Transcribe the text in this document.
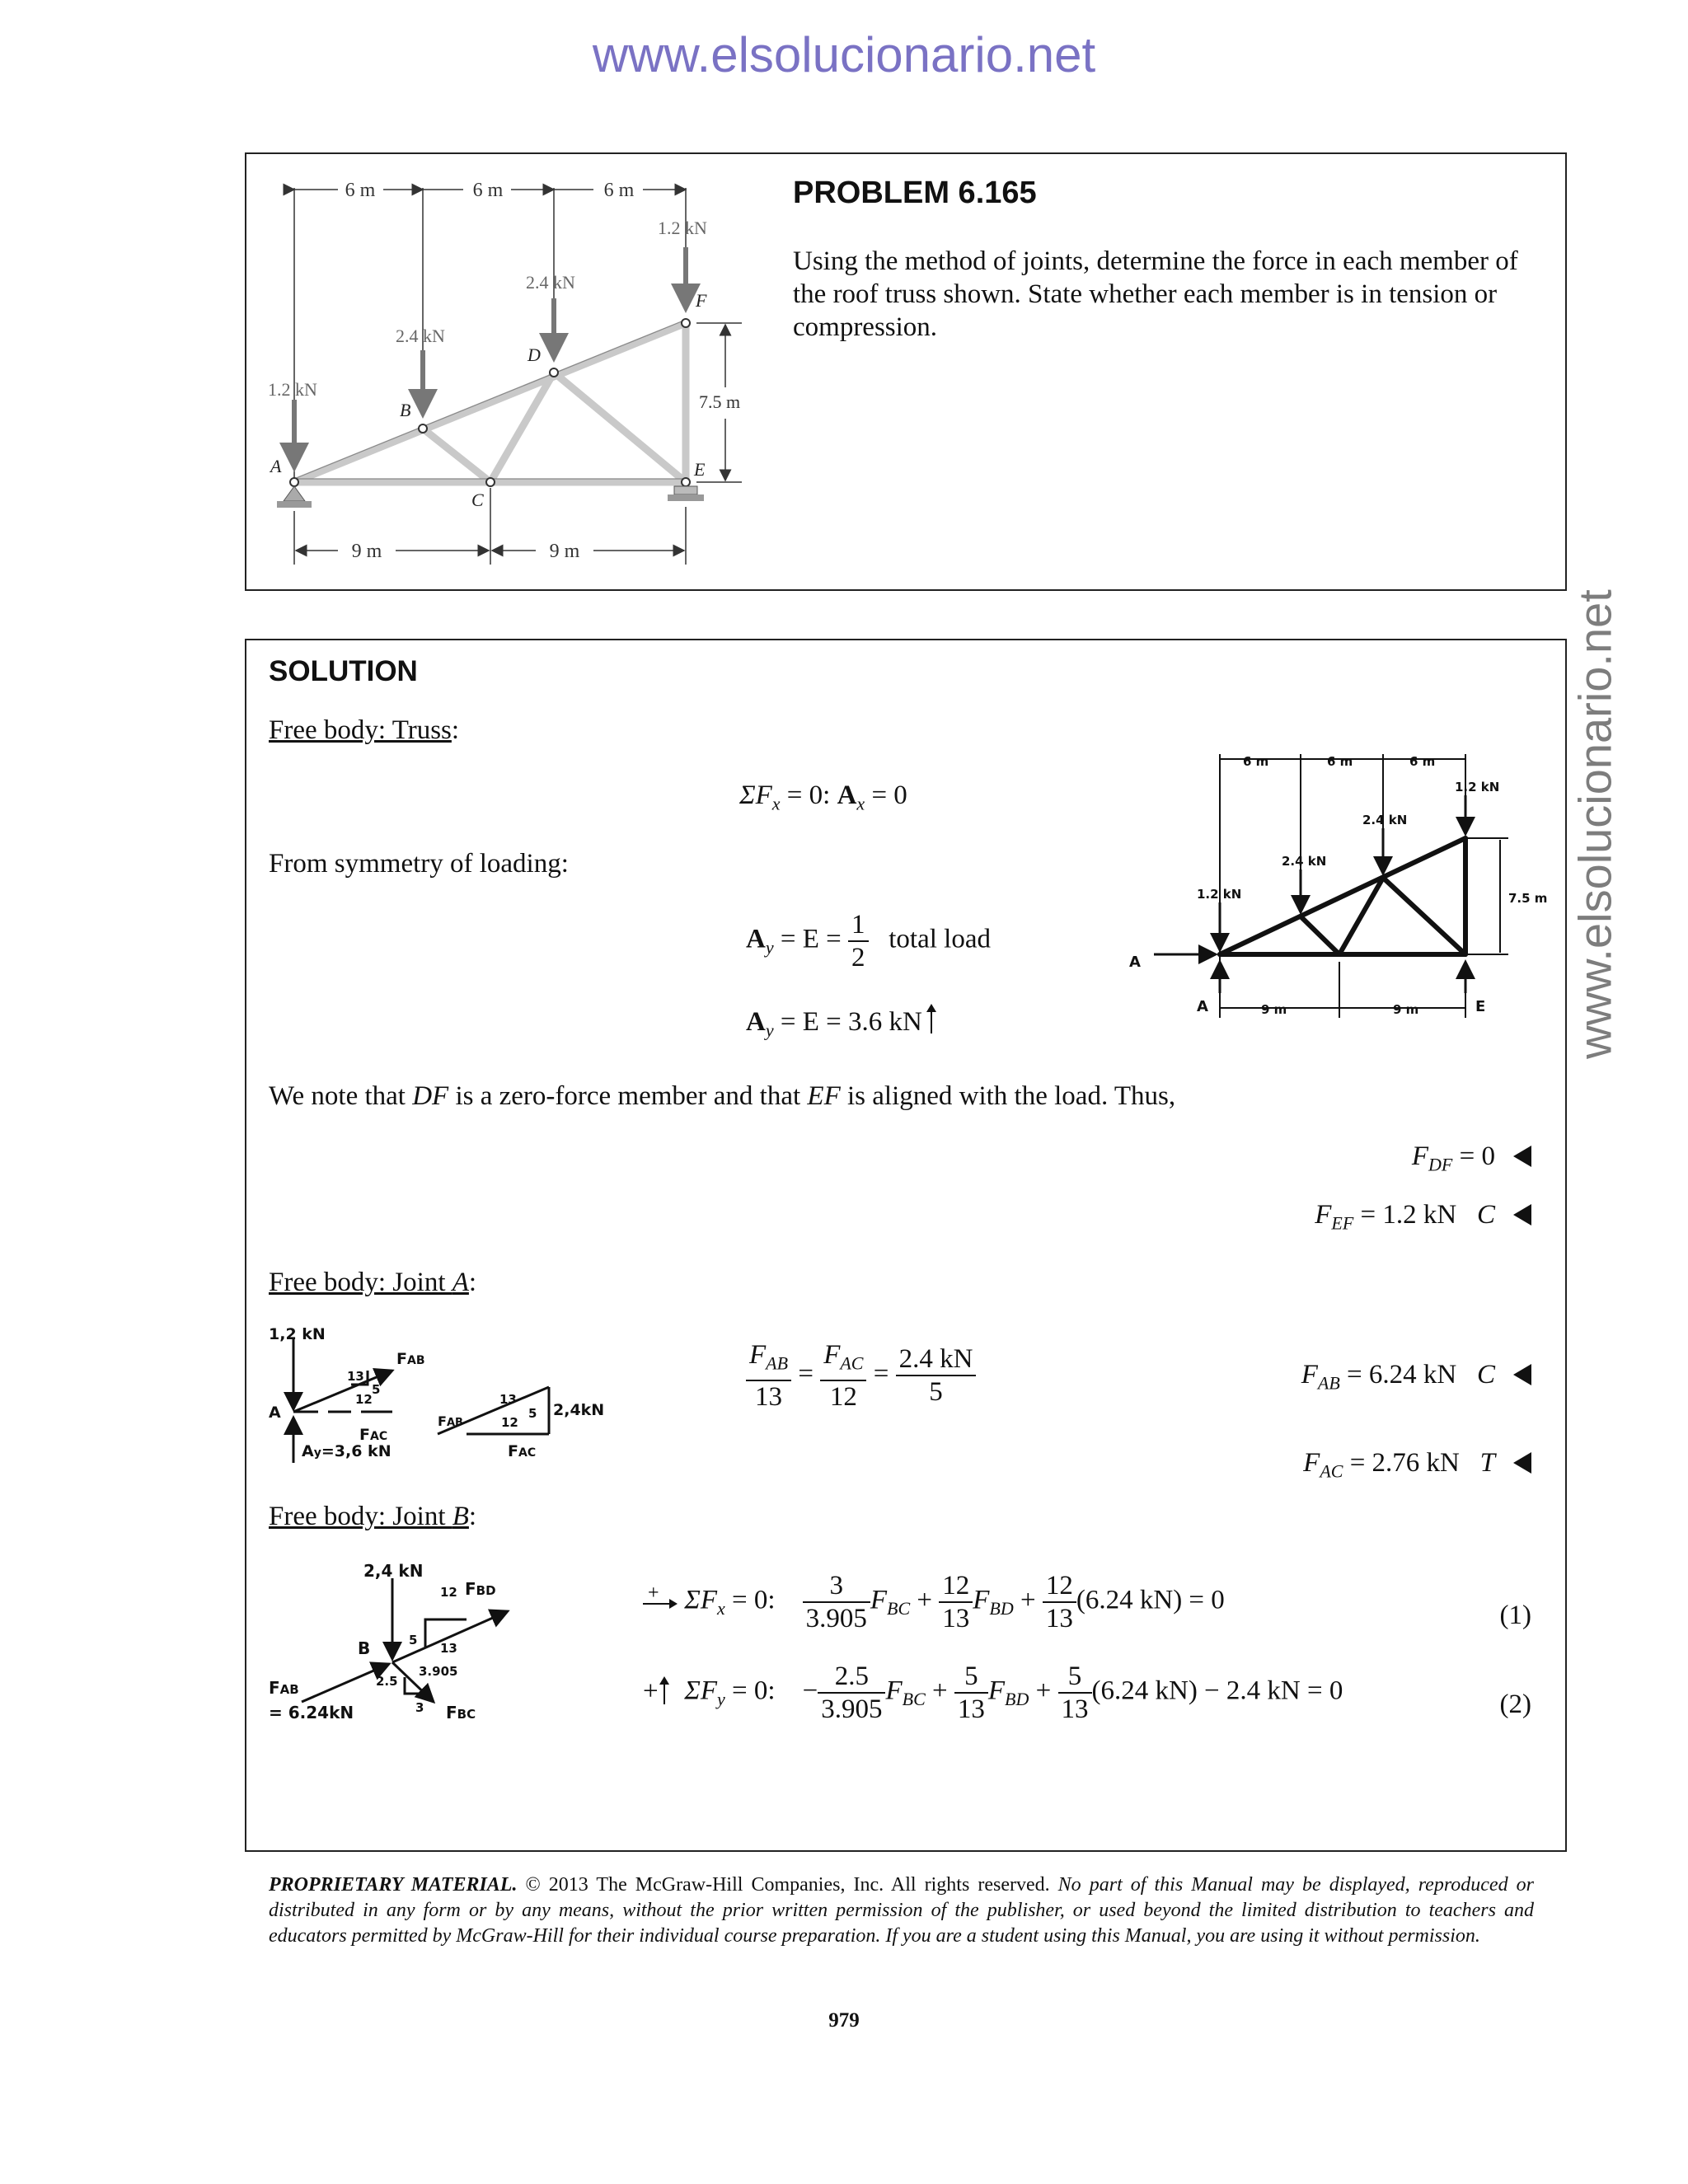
www.elsolucionario.net
www.elsolucionario.net
6 m	6 m	6 m
1.2 kN
2.4 kN
2.4 kN
1.2 kN
A
B
C
D
E
F
7.5 m
9 m	9 m
PROBLEM 6.165
Using the method of joints, determine the force in each member of the roof truss shown. State whether each member is in tension or compression.
SOLUTION
Free body: Truss:
$\Sigma F_x = 0$: $A_x = 0$
From symmetry of loading:
$A_y = E = \frac{1}{2}$ total load
$A_y = E = 3.6$ kN
6 m	6 m	6 m
1.2 kN
2.4 kN
2.4 kN
1.2 kN
7.5 m
9 m	9 m
A
A	E
We note that DF is a zero-force member and that EF is aligned with the load. Thus,
$F_{DF} = 0$
$F_{EF} = 1.2$ kN C
Free body: Joint A:
1,2 kN
FAB
A
FAC
Ay=3,6 kN
13
12
5
FAB
13
12
5 2,4kN
FAC
$\frac{F_{AB}}{13} = \frac{F_{AC}}{12} = \frac{2.4 kN}{5}$	$F_{AB} = 6.24$ kN C
$F_{AC} = 2.76$ kN T
Free body: Joint B:
2,4 kN
FBD
12
5
13
B
FAB
= 6.24kN
2.5
3
3.905
FBC
+ $\Sigma F_x = 0$: $\frac{3}{3.905} F_{BC} + \frac{12}{13} F_{BD} + \frac{12}{13} (6.24$ kN) = 0
(1)
+ $\Sigma F_y = 0$: − $\frac{2.5}{3.905} F_{BC} + \frac{5}{13} F_{BD} + \frac{5}{13} (6.24$ kN) − 2.4 kN = 0	(2)
PROPRIETARY MATERIAL. © 2013 The McGraw-Hill Companies, Inc. All rights reserved. No part of this Manual may be displayed, reproduced or distributed in any form or by any means, without the prior written permission of the publisher, or used beyond the limited distribution to teachers and educators permitted by McGraw-Hill for their individual course preparation. If you are a student using this Manual, you are using it without permission.
979
